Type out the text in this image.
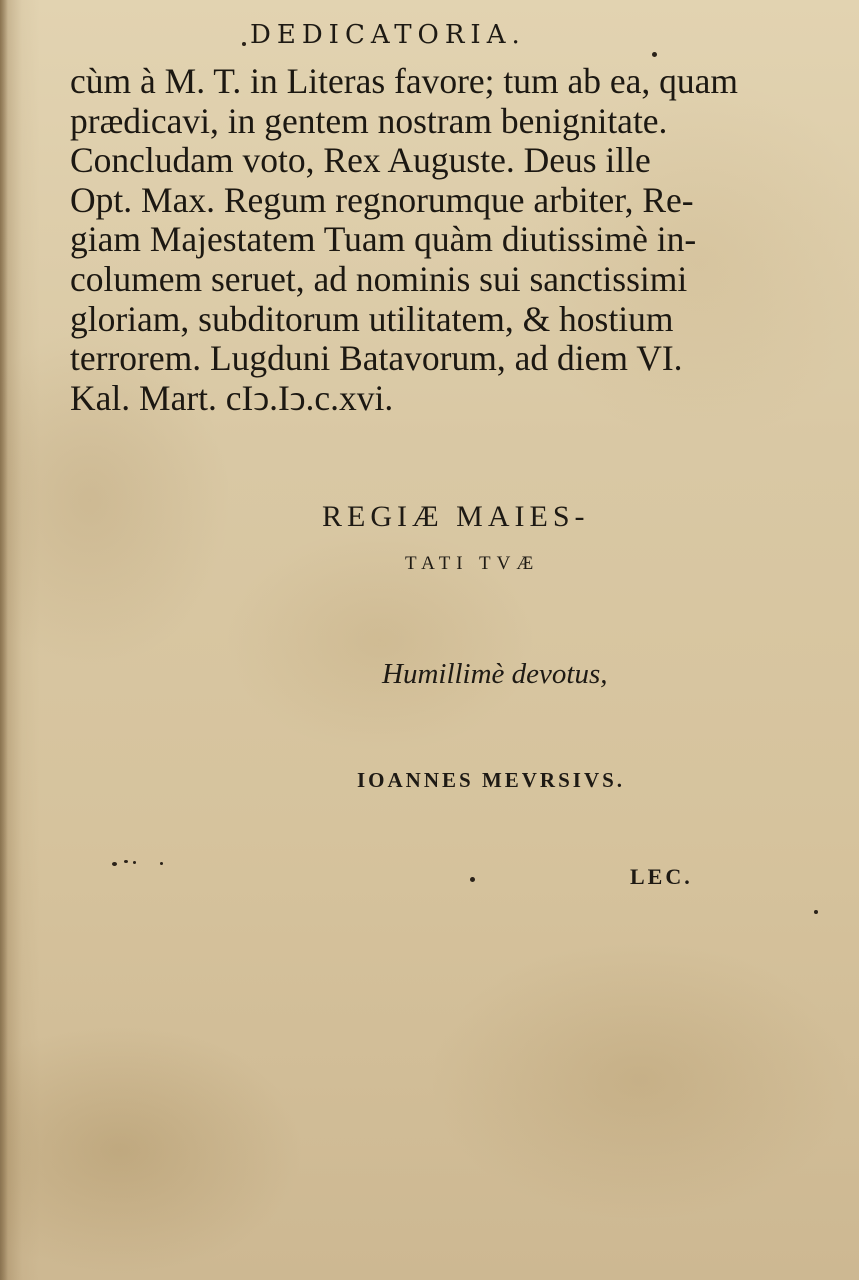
DEDICATORIA.
cùm à M. T. in Literas favore; tum ab ea, quam
prædicavi, in gentem nostram benignitate.
Concludam voto, Rex Auguste. Deus ille
Opt. Max. Regum regnorumque arbiter, Re-
giam Majestatem Tuam quàm diutissimè in-
columem seruet, ad nominis sui sanctissimi
gloriam, subditorum utilitatem, & hostium
terrorem. Lugduni Batavorum, ad diem VI.
Kal. Mart. cIↄ.Iↄ.c.xvi.
REGIÆ MAIES-
TATI TVÆ
Humillimè devotus,
IOANNES MEVRSIVS.
LEC.
